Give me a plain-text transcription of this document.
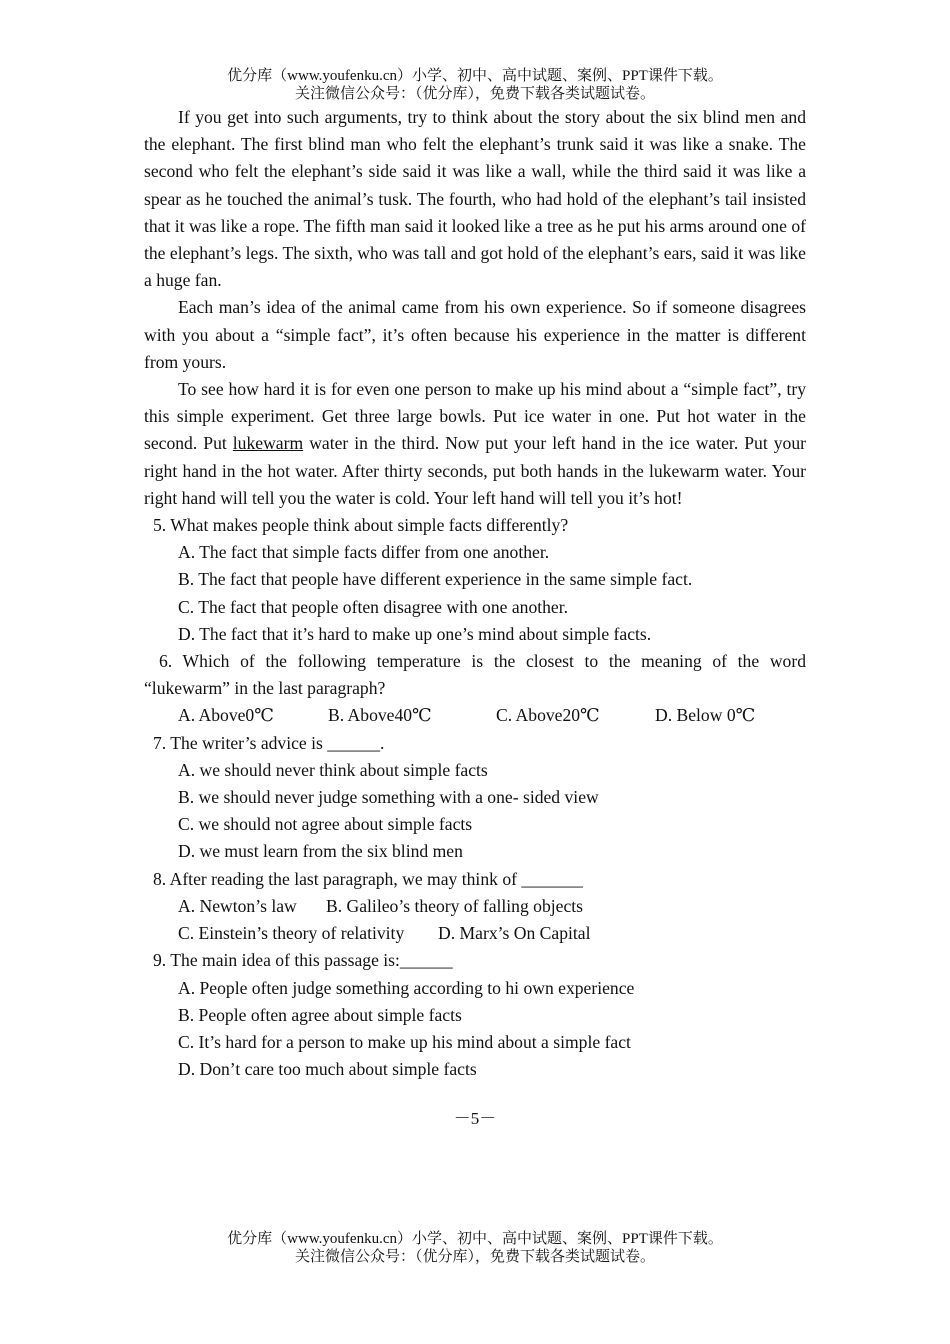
优分库（www.youfenku.cn）小学、初中、高中试题、案例、PPT课件下载。
关注微信公众号：（优分库），免费下载各类试题试卷。

If you get into such arguments, try to think about the story about the six blind men and the elephant. The first blind man who felt the elephant’s trunk said it was like a snake. The second who felt the elephant’s side said it was like a wall, while the third said it was like a spear as he touched the animal’s tusk. The fourth, who had hold of the elephant’s tail insisted that it was like a rope. The fifth man said it looked like a tree as he put his arms around one of the elephant’s legs. The sixth, who was tall and got hold of the elephant’s ears, said it was like a huge fan.

Each man’s idea of the animal came from his own experience. So if someone disagrees with you about a “simple fact”, it’s often because his experience in the matter is different from yours.

To see how hard it is for even one person to make up his mind about a “simple fact”, try this simple experiment. Get three large bowls. Put ice water in one. Put hot water in the second. Put lukewarm water in the third. Now put your left hand in the ice water. Put your right hand in the hot water. After thirty seconds, put both hands in the lukewarm water. Your right hand will tell you the water is cold. Your left hand will tell you it’s hot!

5. What makes people think about simple facts differently?

A. The fact that simple facts differ from one another.

B. The fact that people have different experience in the same simple fact.

C. The fact that people often disagree with one another.

D. The fact that it’s hard to make up one’s mind about simple facts.

6. Which of the following temperature is the closest to the meaning of the word “lukewarm” in the last paragraph?

A. Above0℃	B. Above40℃	C. Above20℃	D. Below 0℃

7. The writer’s advice is ______.

A. we should never think about simple facts

B. we should never judge something with a one- sided view

C. we should not agree about simple facts

D. we must learn from the six blind men

8. After reading the last paragraph, we may think of _______

A. Newton’s law	B. Galileo’s theory of falling objects
C. Einstein’s theory of relativity	D. Marx’s On Capital

9. The main idea of this passage is:______

A. People often judge something according to hi own experience

B. People often agree about simple facts

C. It’s hard for a person to make up his mind about a simple fact

D. Don’t care too much about simple facts

－5－
优分库（www.youfenku.cn）小学、初中、高中试题、案例、PPT课件下载。
关注微信公众号：（优分库），免费下载各类试题试卷。
